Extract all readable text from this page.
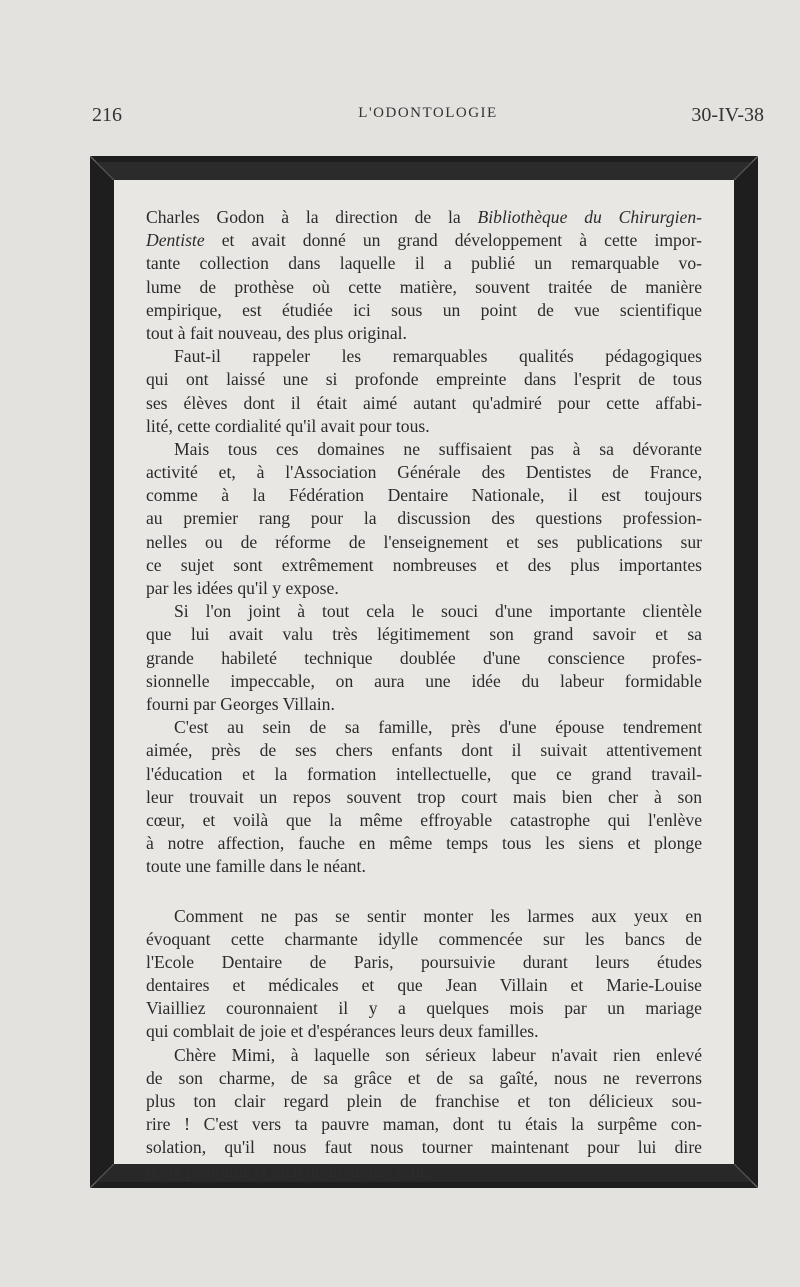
216	L'ODONTOLOGIE	30-IV-38
Charles Godon à la direction de la Bibliothèque du Chirurgien-
Dentiste et avait donné un grand développement à cette impor-
tante collection dans laquelle il a publié un remarquable vo-
lume de prothèse où cette matière, souvent traitée de manière
empirique, est étudiée ici sous un point de vue scientifique
tout à fait nouveau, des plus original.
Faut-il rappeler les remarquables qualités pédagogiques
qui ont laissé une si profonde empreinte dans l'esprit de tous
ses élèves dont il était aimé autant qu'admiré pour cette affabi-
lité, cette cordialité qu'il avait pour tous.
Mais tous ces domaines ne suffisaient pas à sa dévorante
activité et, à l'Association Générale des Dentistes de France,
comme à la Fédération Dentaire Nationale, il est toujours
au premier rang pour la discussion des questions profession-
nelles ou de réforme de l'enseignement et ses publications sur
ce sujet sont extrêmement nombreuses et des plus importantes
par les idées qu'il y expose.
Si l'on joint à tout cela le souci d'une importante clientèle
que lui avait valu très légitimement son grand savoir et sa
grande habileté technique doublée d'une conscience profes-
sionnelle impeccable, on aura une idée du labeur formidable
fourni par Georges Villain.
C'est au sein de sa famille, près d'une épouse tendrement
aimée, près de ses chers enfants dont il suivait attentivement
l'éducation et la formation intellectuelle, que ce grand travail-
leur trouvait un repos souvent trop court mais bien cher à son
cœur, et voilà que la même effroyable catastrophe qui l'enlève
à notre affection, fauche en même temps tous les siens et plonge
toute une famille dans le néant.
Comment ne pas se sentir monter les larmes aux yeux en
évoquant cette charmante idylle commencée sur les bancs de
l'Ecole Dentaire de Paris, poursuivie durant leurs études
dentaires et médicales et que Jean Villain et Marie-Louise
Viailliez couronnaient il y a quelques mois par un mariage
qui comblait de joie et d'espérances leurs deux familles.
Chère Mimi, à laquelle son sérieux labeur n'avait rien enlevé
de son charme, de sa grâce et de sa gaîté, nous ne reverrons
plus ton clair regard plein de franchise et ton délicieux sou-
rire ! C'est vers ta pauvre maman, dont tu étais la surpême con-
solation, qu'il nous faut nous tourner maintenant pour lui dire
notre profonde et bien douloureuse pitié.
